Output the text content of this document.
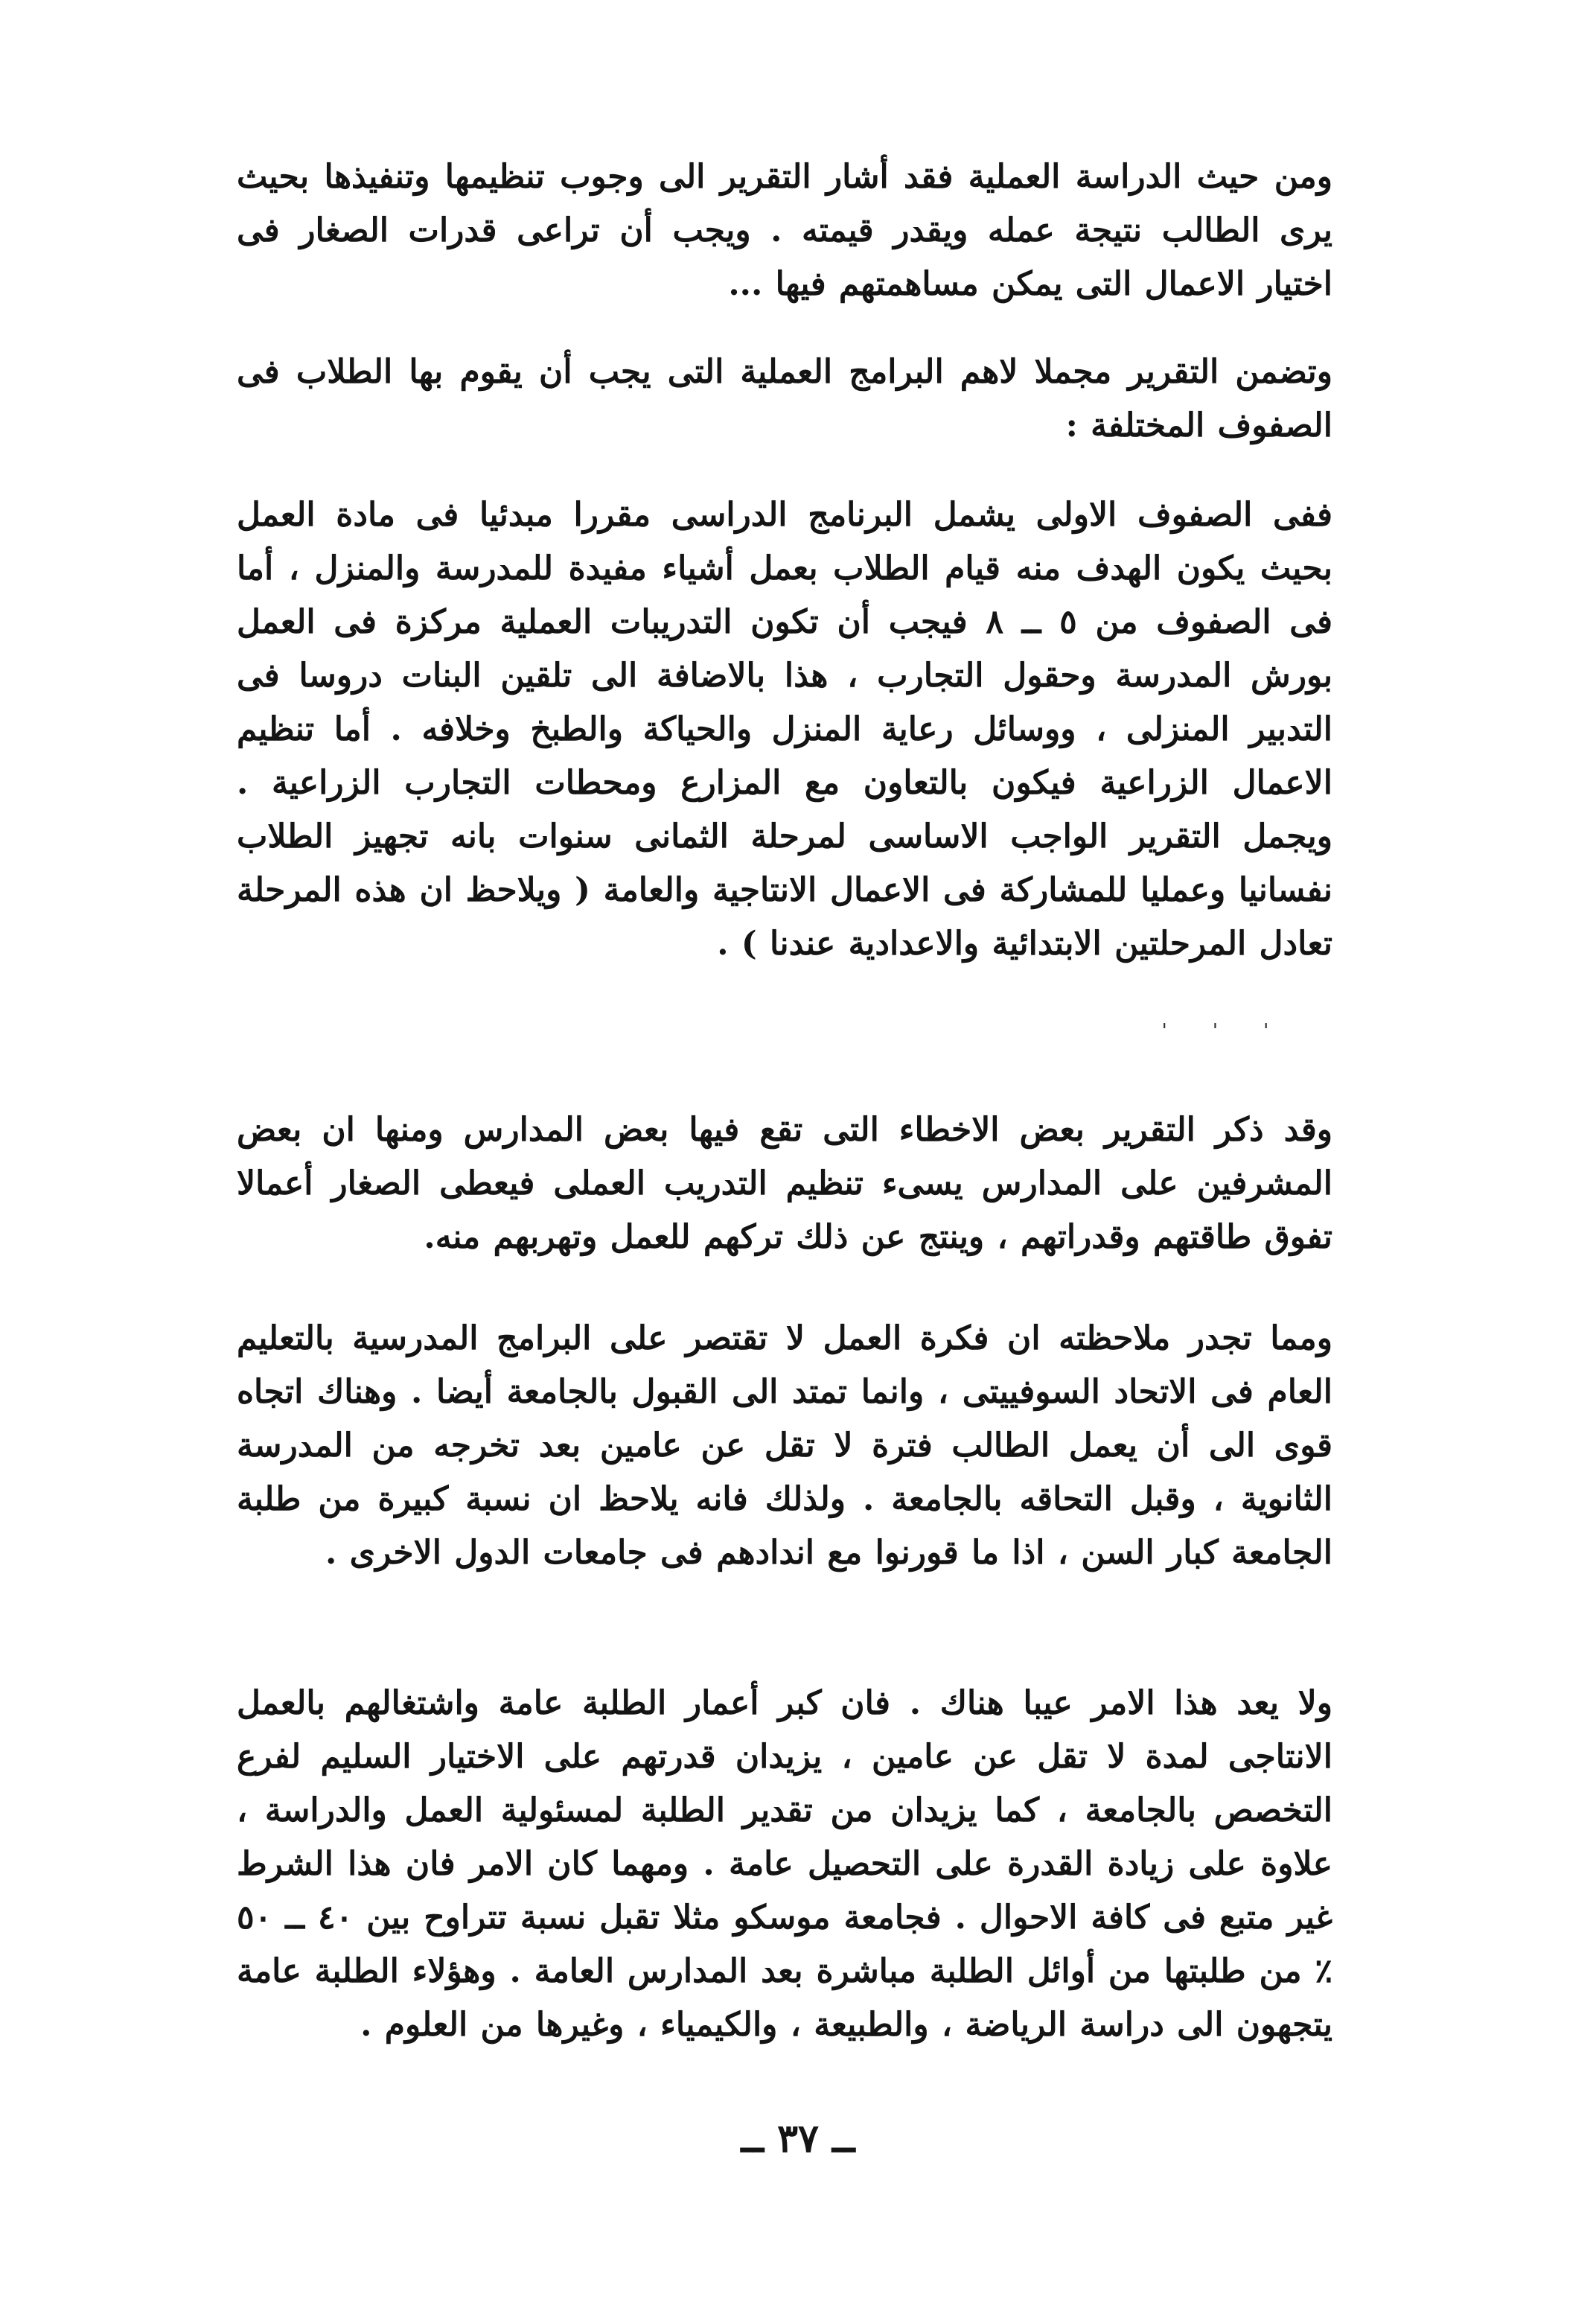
ومن حيث الدراسة العملية فقد أشار التقرير الى وجوب تنظيمها وتنفيذها بحيث يرى الطالب نتيجة عمله ويقدر قيمته . ويجب أن تراعى قدرات الصغار فى اختيار الاعمال التى يمكن مساهمتهم فيها ...

وتضمن التقرير مجملا لاهم البرامج العملية التى يجب أن يقوم بها الطلاب فى الصفوف المختلفة :

ففى الصفوف الاولى يشمل البرنامج الدراسى مقررا مبدئيا فى مادة العمل بحيث يكون الهدف منه قيام الطلاب بعمل أشياء مفيدة للمدرسة والمنزل ، أما فى الصفوف من ٥ ــ ٨ فيجب أن تكون التدريبات العملية مركزة فى العمل بورش المدرسة وحقول التجارب ، هذا بالاضافة الى تلقين البنات دروسا فى التدبير المنزلى ، ووسائل رعاية المنزل والحياكة والطبخ وخلافه . أما تنظيم الاعمال الزراعية فيكون بالتعاون مع المزارع ومحطات التجارب الزراعية . ويجمل التقرير الواجب الاساسى لمرحلة الثمانى سنوات بانه تجهيز الطلاب نفسانيا وعمليا للمشاركة فى الاعمال الانتاجية والعامة ( ويلاحظ ان هذه المرحلة تعادل المرحلتين الابتدائية والاعدادية عندنا ) .

ˈˈˈ

وقد ذكر التقرير بعض الاخطاء التى تقع فيها بعض المدارس ومنها ان بعض المشرفين على المدارس يسىء تنظيم التدريب العملى فيعطى الصغار أعمالا تفوق طاقتهم وقدراتهم ، وينتج عن ذلك تركهم للعمل وتهربهم منه.

ومما تجدر ملاحظته ان فكرة العمل لا تقتصر على البرامج المدرسية بالتعليم العام فى الاتحاد السوفييتى ، وانما تمتد الى القبول بالجامعة أيضا . وهناك اتجاه قوى الى أن يعمل الطالب فترة لا تقل عن عامين بعد تخرجه من المدرسة الثانوية ، وقبل التحاقه بالجامعة . ولذلك فانه يلاحظ ان نسبة كبيرة من طلبة الجامعة كبار السن ، اذا ما قورنوا مع اندادهم فى جامعات الدول الاخرى .

ولا يعد هذا الامر عيبا هناك . فان كبر أعمار الطلبة عامة واشتغالهم بالعمل الانتاجى لمدة لا تقل عن عامين ، يزيدان قدرتهم على الاختيار السليم لفرع التخصص بالجامعة ، كما يزيدان من تقدير الطلبة لمسئولية العمل والدراسة ، علاوة على زيادة القدرة على التحصيل عامة . ومهما كان الامر فان هذا الشرط غير متبع فى كافة الاحوال . فجامعة موسكو مثلا تقبل نسبة تتراوح بين ٤٠ ــ ٥٠ ٪ من طلبتها من أوائل الطلبة مباشرة بعد المدارس العامة . وهؤلاء الطلبة عامة يتجهون الى دراسة الرياضة ، والطبيعة ، والكيمياء ، وغيرها من العلوم .

ــ ٣٧ ــ
